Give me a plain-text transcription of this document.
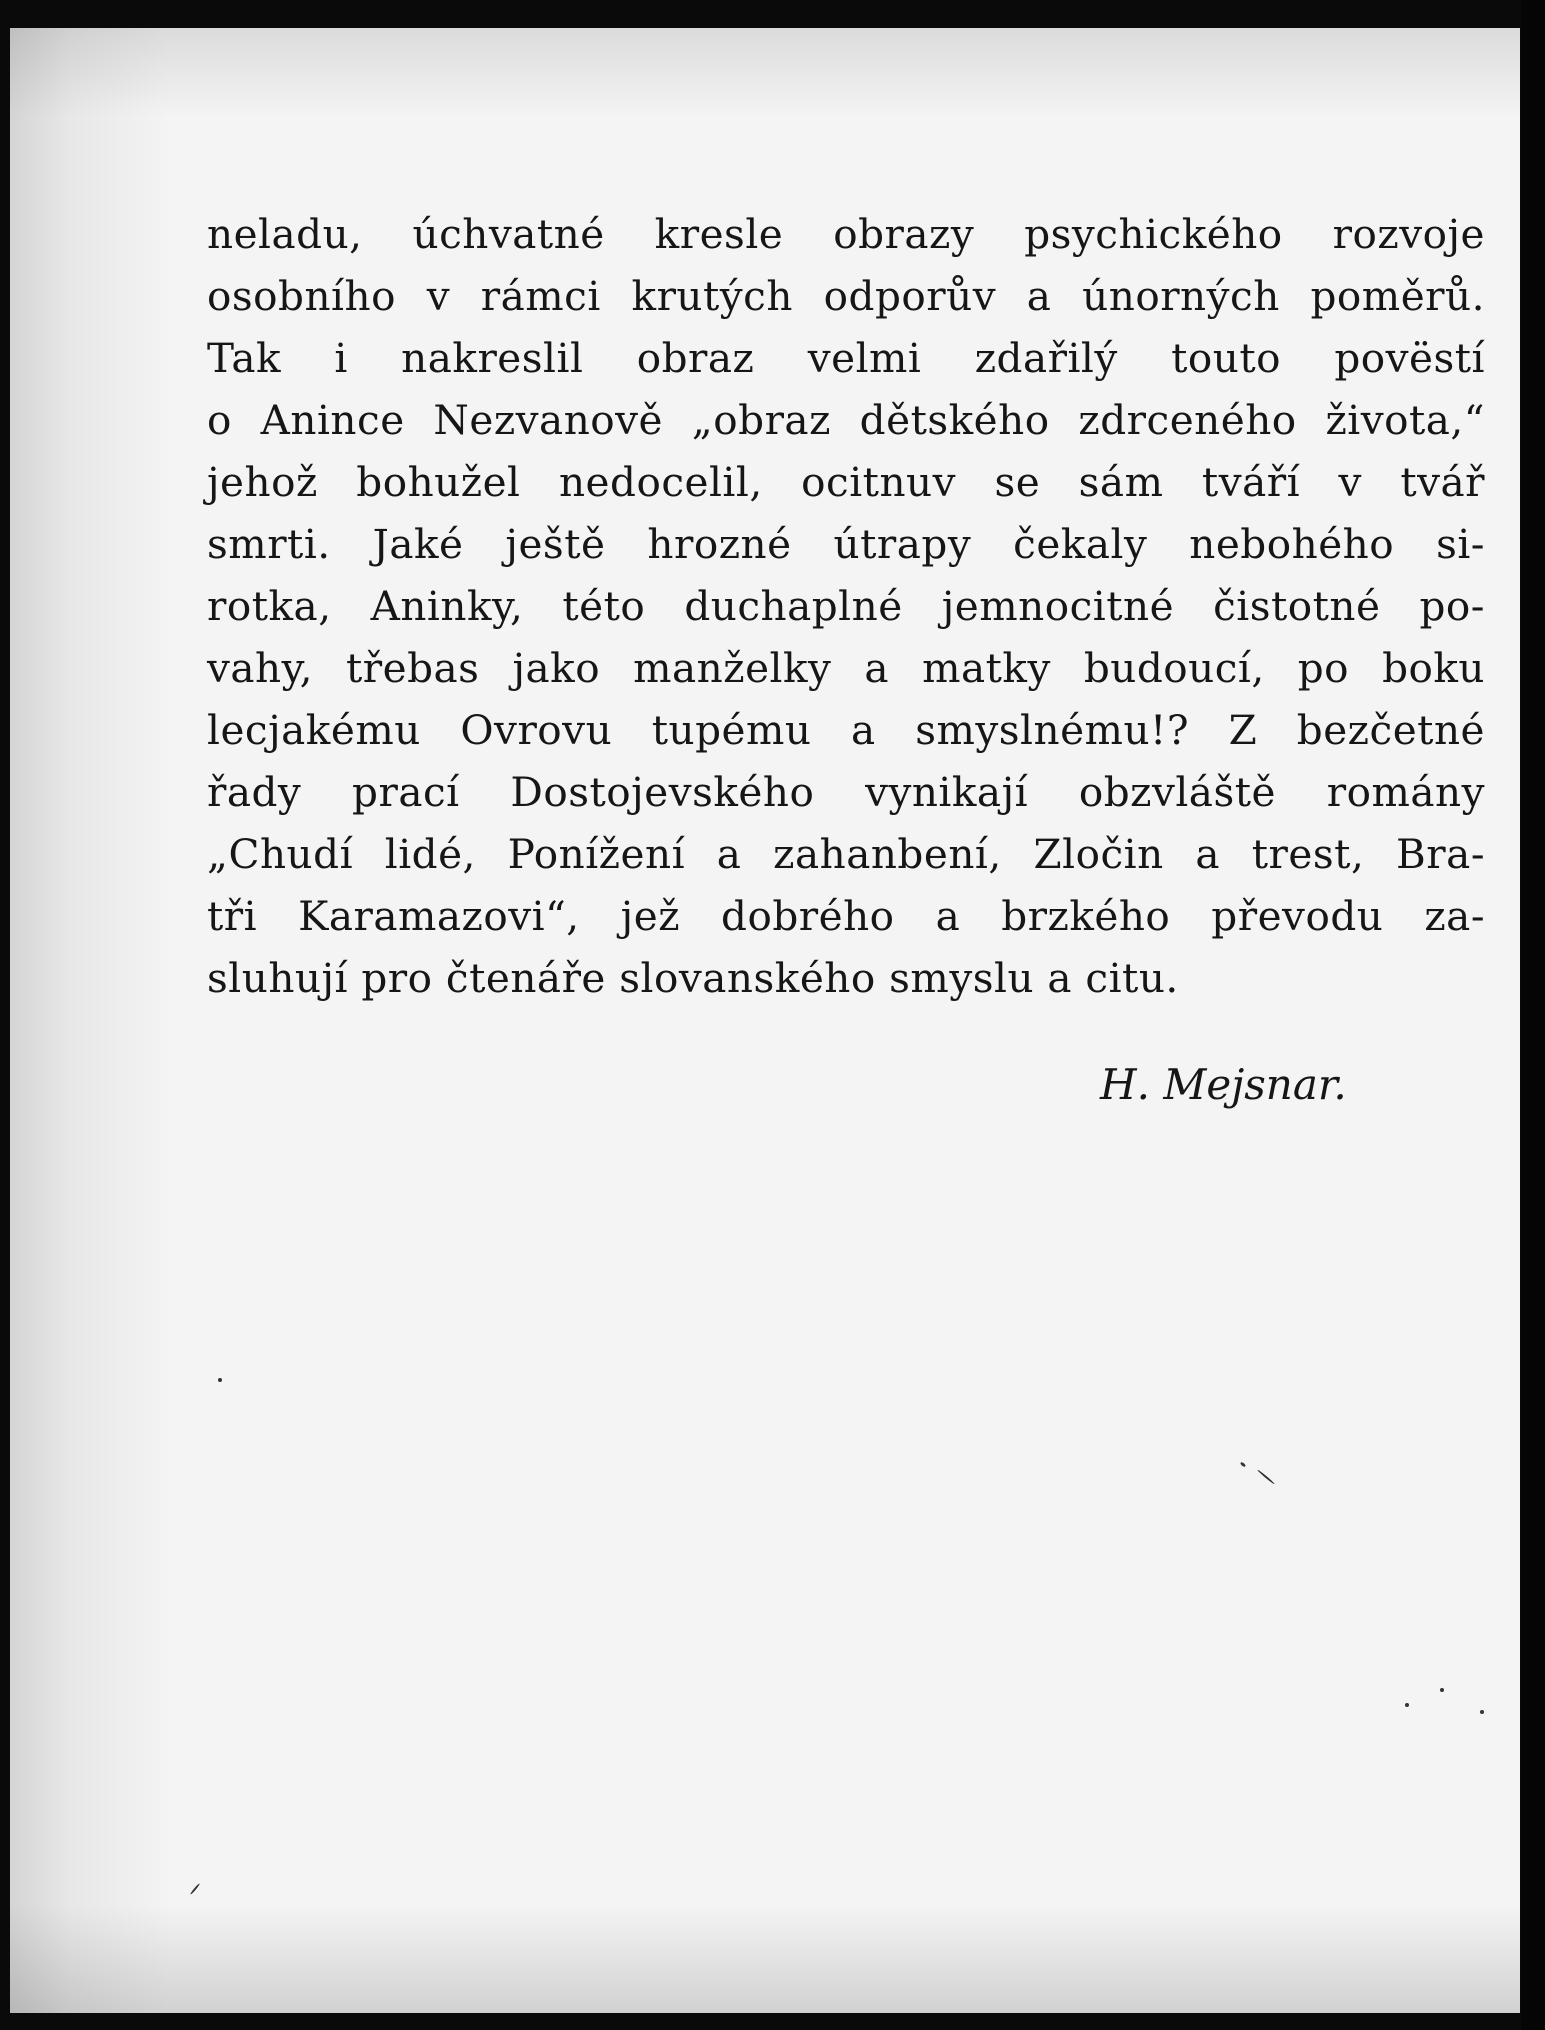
neladu, úchvatné kresle obrazy psychického rozvoje
osobního v rámci krutých odporův a únorných poměrů.
Tak i nakreslil obraz velmi zdařilý touto povëstí
o Anince Nezvanově „obraz dětského zdrceného života,“
jehož bohužel nedocelil, ocitnuv se sám tváří v tvář
smrti. Jaké ještě hrozné útrapy čekaly nebohého si-
rotka, Aninky, této duchaplné jemnocitné čistotné po-
vahy, třebas jako manželky a matky budoucí, po boku
lecjakému Ovrovu tupému a smyslnému!? Z bezčetné
řady prací Dostojevského vynikají obzvláště romány
„Chudí lidé, Ponížení a zahanbení, Zločin a trest, Bra-
tři Karamazovi“, jež dobrého a brzkého převodu za-
sluhují pro čtenáře slovanského smyslu a citu.
H. Mejsnar.
